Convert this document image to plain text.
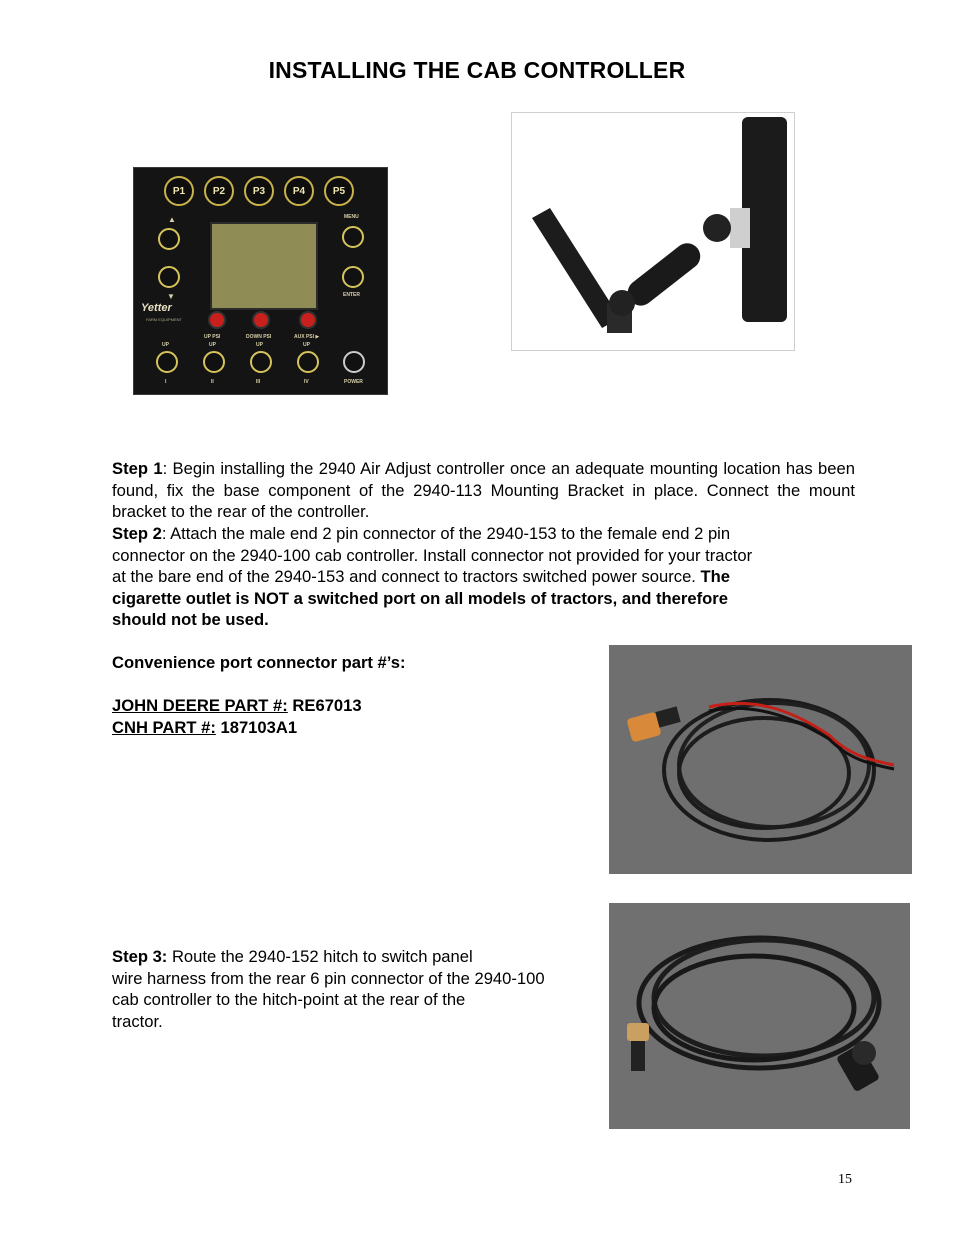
INSTALLING THE CAB CONTROLLER
P1	P2	P3	P4	P5
▲
▼
MENU
ENTER
Yetter
FARM EQUIPMENT
UP PSI	DOWN PSI	AUX PSI ▶
UP	UP	UP	UP
I	II	III	IV	POWER
Step 1: Begin installing the 2940 Air Adjust controller once an adequate mounting location has been found, fix the base component of the 2940-113 Mounting Bracket in place. Connect the mount bracket to the rear of the controller.
Step 2: Attach the male end 2 pin connector of the 2940-153 to the female end 2 pin
connector on the 2940-100 cab controller. Install connector not provided for your tractor
at the bare end of the 2940-153 and connect to tractors switched power source. The
cigarette outlet is NOT a switched port on all models of tractors, and therefore
should not be used.
Convenience port connector part #’s:
JOHN DEERE PART #: RE67013
CNH PART #: 187103A1
Step 3: Route the 2940-152 hitch to switch panel
wire harness from the rear 6 pin connector of the 2940-100
cab controller to the hitch-point at the rear of the
tractor.
15
